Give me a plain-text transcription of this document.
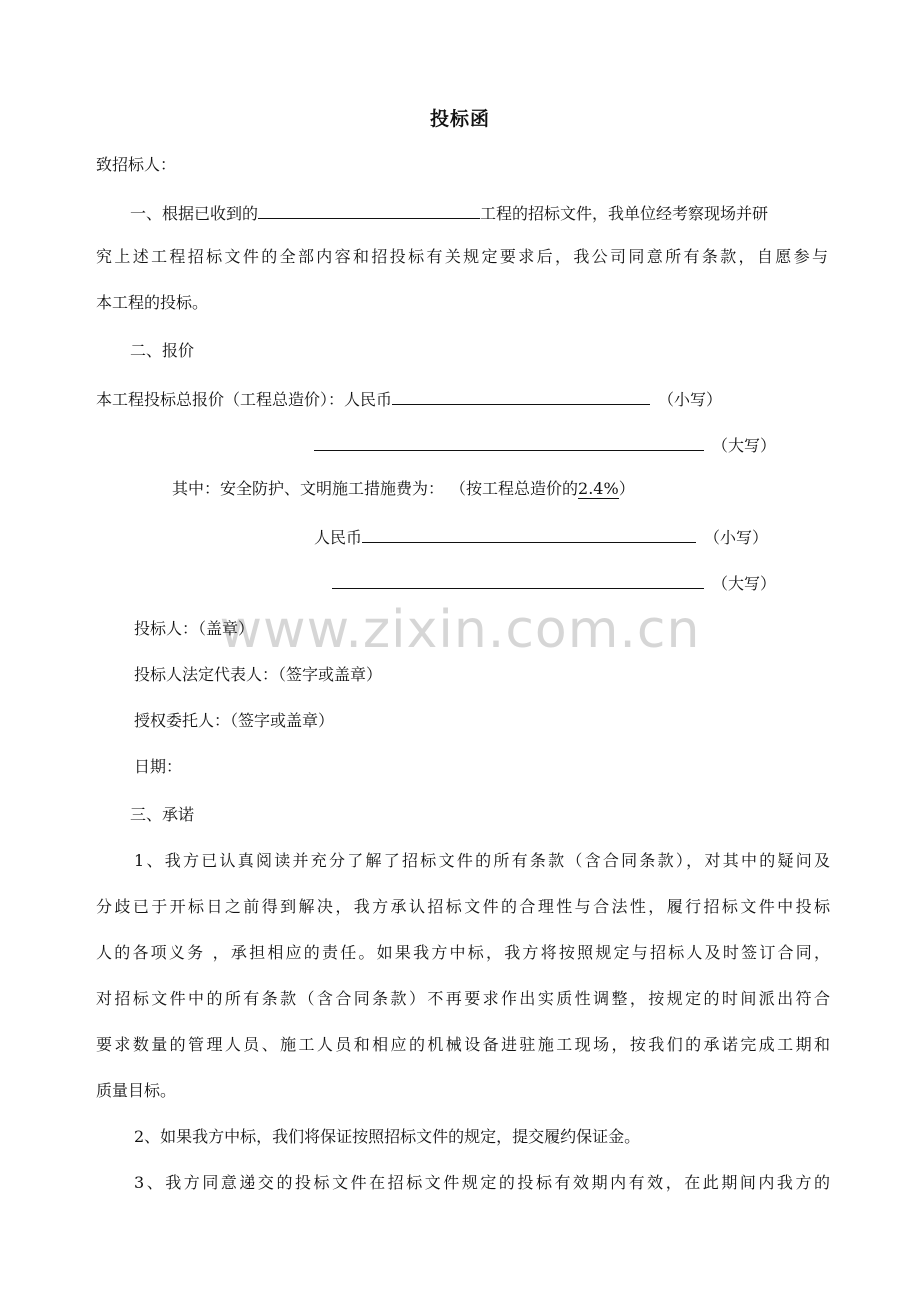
投标函
致招标人：
一、根据已收到的	工程的招标文件，我单位经考察现场并研
究上述工程招标文件的全部内容和招投标有关规定要求后，我公司同意所有条款，自愿参与
本工程的投标。
二、报价
本工程投标总报价（工程总造价）：人民币	（小写）
（大写）
其中：安全防护、文明施工措施费为： （按工程总造价的2.4%）
人民币	（小写）
（大写）
www.zixin.com.cn
投标人：（盖章）
投标人法定代表人：（签字或盖章）
授权委托人：（签字或盖章）
日期：
三、承诺
1、我方已认真阅读并充分了解了招标文件的所有条款（含合同条款），对其中的疑问及
分歧已于开标日之前得到解决，我方承认招标文件的合理性与合法性，履行招标文件中投标
人的各项义务 ，承担相应的责任。如果我方中标，我方将按照规定与招标人及时签订合同，
对招标文件中的所有条款（含合同条款）不再要求作出实质性调整，按规定的时间派出符合
要求数量的管理人员、施工人员和相应的机械设备进驻施工现场，按我们的承诺完成工期和
质量目标。
2、如果我方中标，我们将保证按照招标文件的规定，提交履约保证金。
3、我方同意递交的投标文件在招标文件规定的投标有效期内有效，在此期间内我方的
